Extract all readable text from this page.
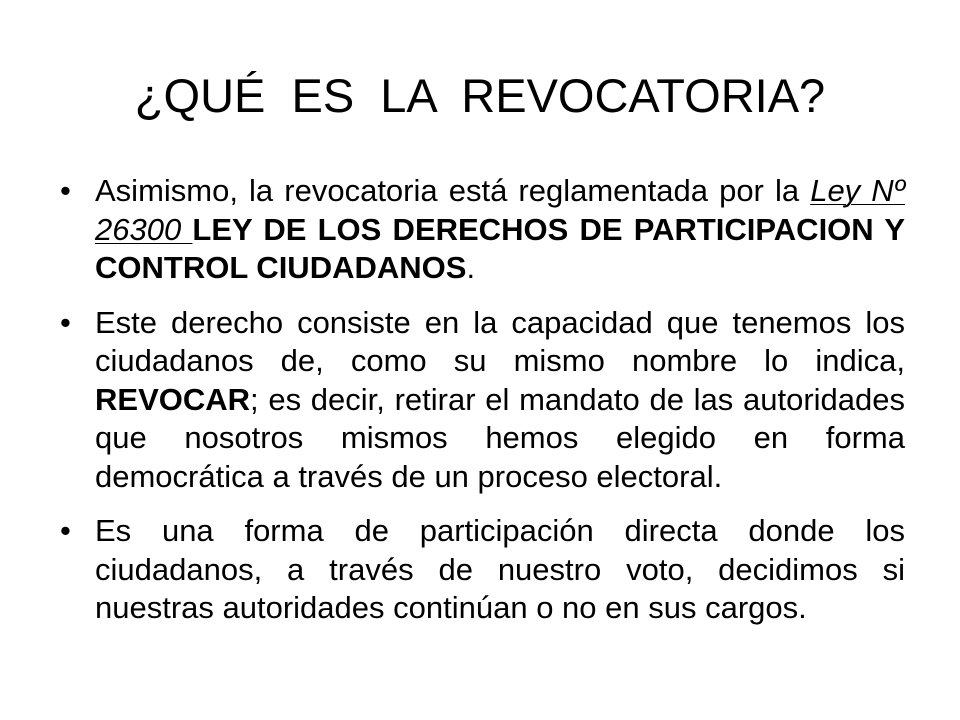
¿QUÉ  ES  LA  REVOCATORIA?
• Asimismo, la revocatoria está reglamentada por la Ley Nº 26300 LEY DE LOS DERECHOS DE PARTICIPACION Y CONTROL CIUDADANOS.

• Este derecho consiste en la capacidad que tenemos los ciudadanos de, como su mismo nombre lo indica, REVOCAR; es decir, retirar el mandato de las autoridades que nosotros mismos hemos elegido en forma democrática a través de un proceso electoral.

• Es una forma de participación directa donde los ciudadanos, a través de nuestro voto, decidimos si nuestras autoridades continúan o no en sus cargos.
